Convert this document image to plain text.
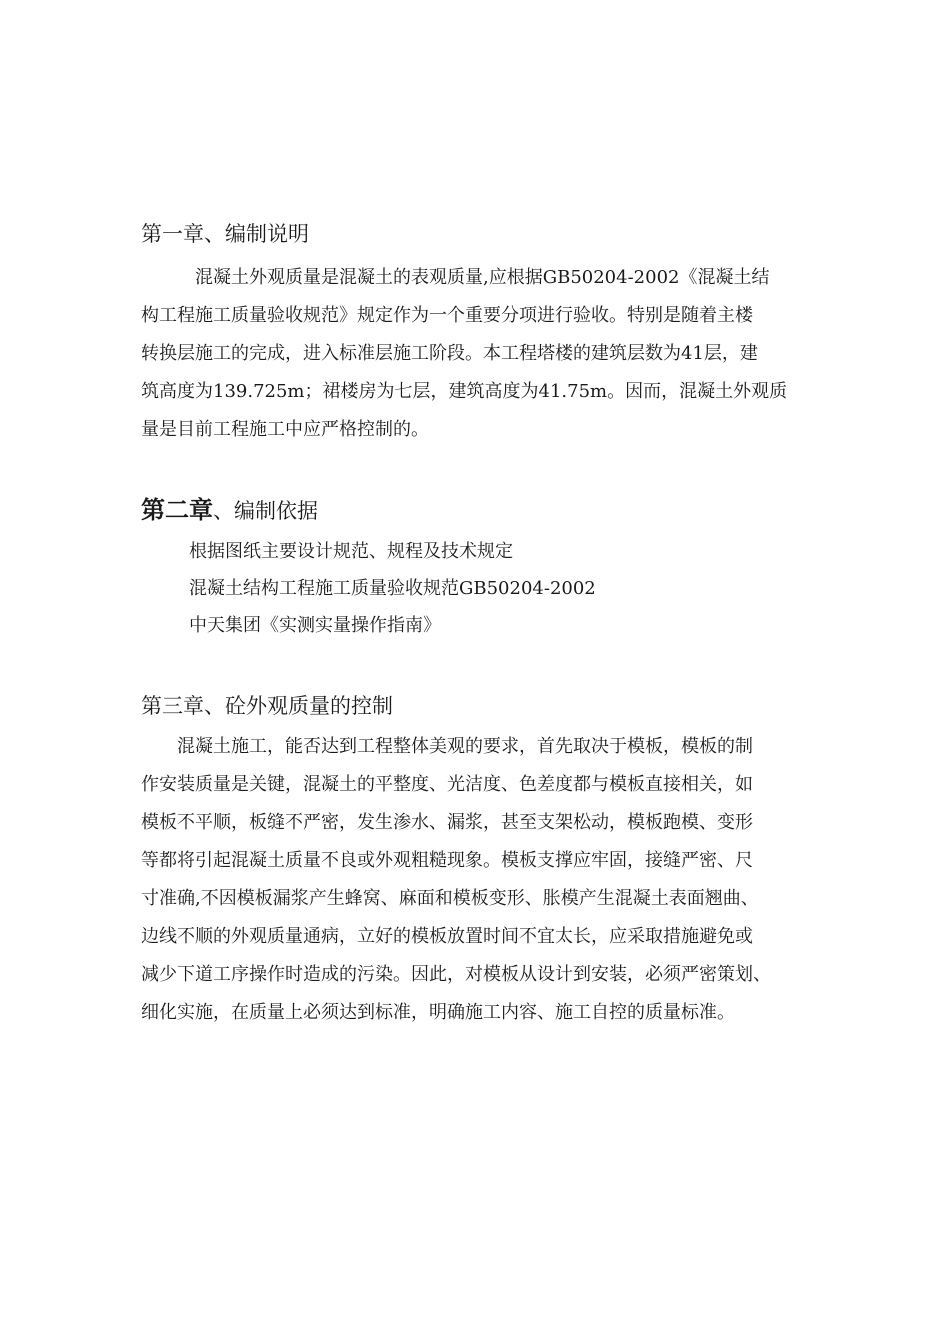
第一章、编制说明
　　　混凝土外观质量是混凝土的表观质量,应根据GB50204-2002《混凝土结
构工程施工质量验收规范》规定作为一个重要分项进行验收。特别是随着主楼
转换层施工的完成，进入标准层施工阶段。本工程塔楼的建筑层数为41层，建
筑高度为139.725m；裙楼房为七层，建筑高度为41.75m。因而，混凝土外观质
量是目前工程施工中应严格控制的。
第二章、编制依据
根据图纸主要设计规范、规程及技术规定
混凝土结构工程施工质量验收规范GB50204-2002
中天集团《实测实量操作指南》
第三章、砼外观质量的控制
　　混凝土施工，能否达到工程整体美观的要求，首先取决于模板，模板的制
作安装质量是关键，混凝土的平整度、光洁度、色差度都与模板直接相关，如
模板不平顺，板缝不严密，发生渗水、漏浆，甚至支架松动，模板跑模、变形
等都将引起混凝土质量不良或外观粗糙现象。模板支撑应牢固，接缝严密、尺
寸准确,不因模板漏浆产生蜂窝、麻面和模板变形、胀模产生混凝土表面翘曲、
边线不顺的外观质量通病，立好的模板放置时间不宜太长，应采取措施避免或
减少下道工序操作时造成的污染。因此，对模板从设计到安装，必须严密策划、
细化实施，在质量上必须达到标准，明确施工内容、施工自控的质量标准。
